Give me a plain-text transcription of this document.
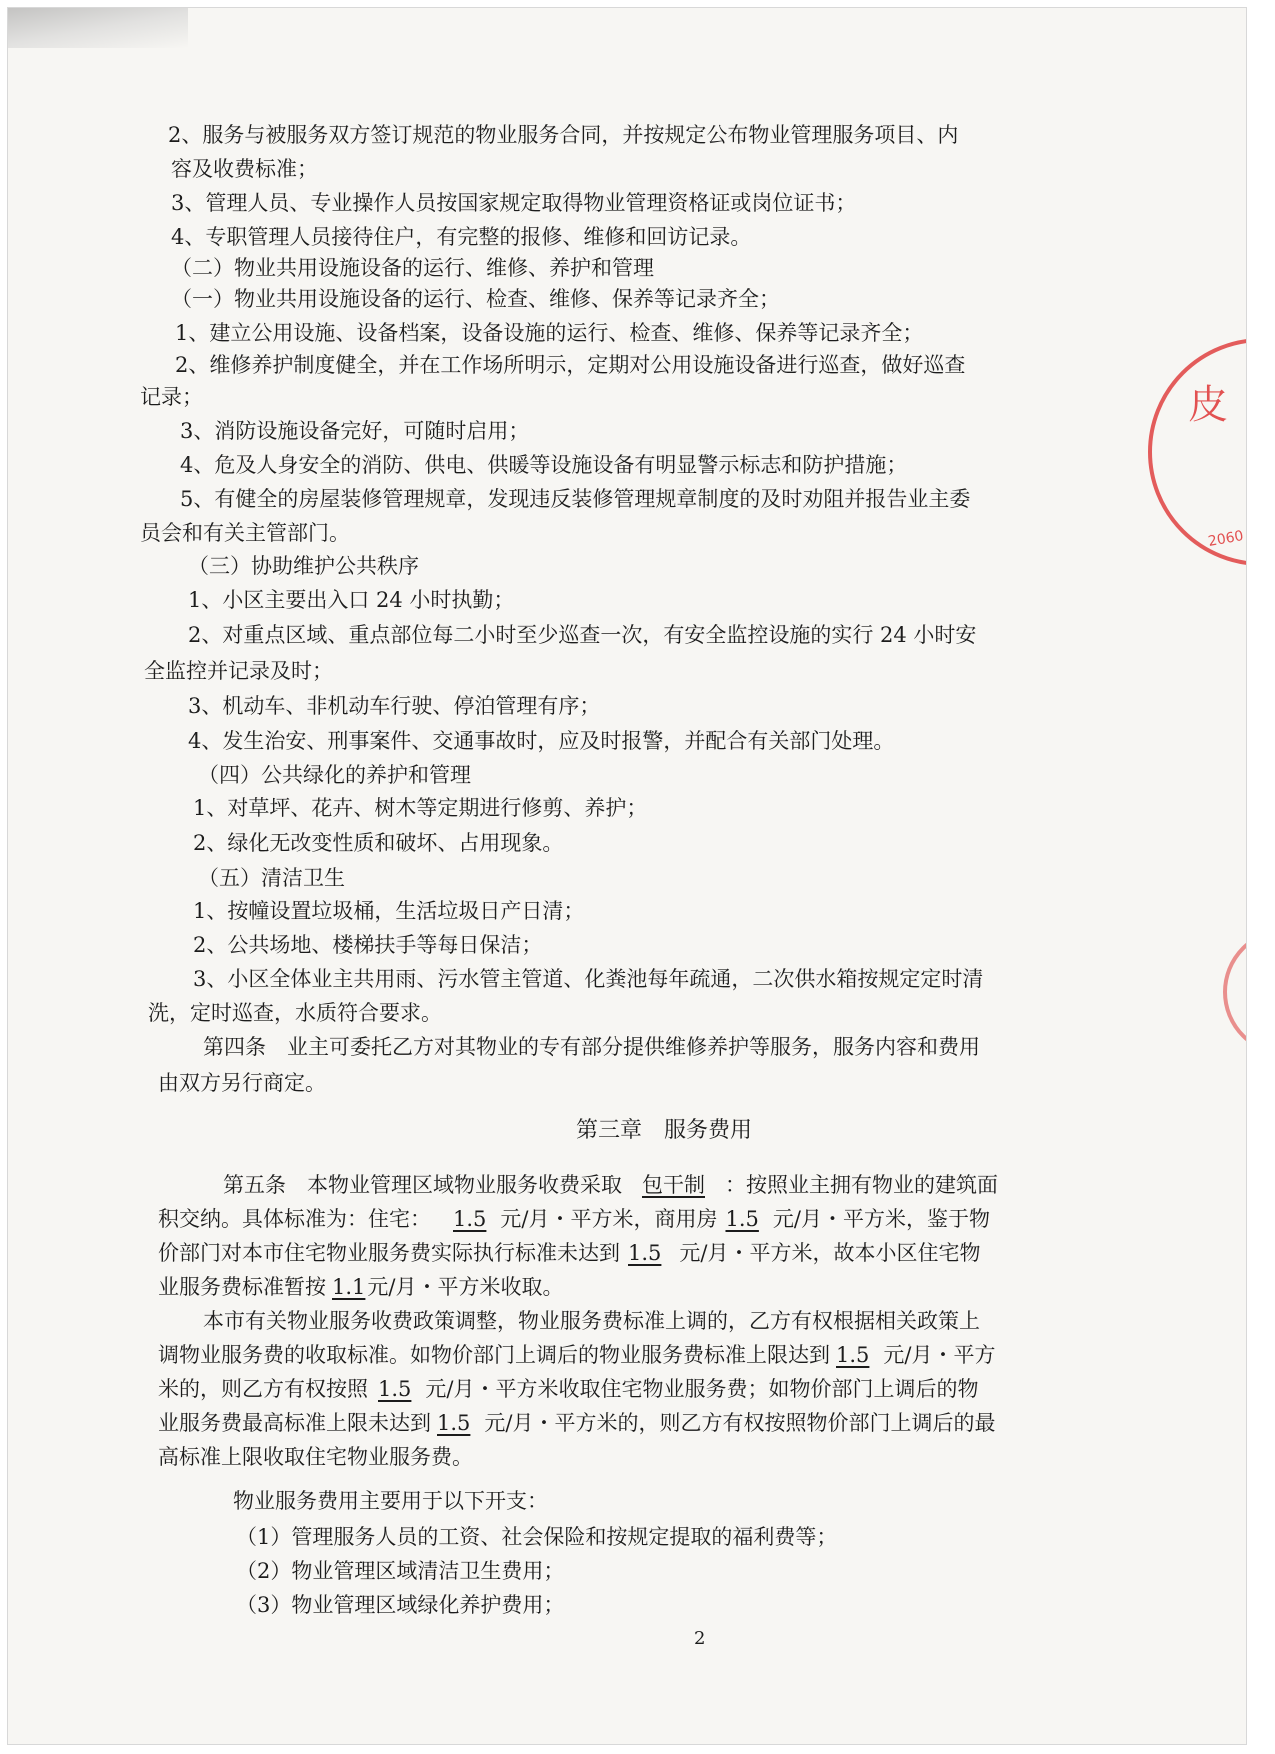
皮
2060
2、服务与被服务双方签订规范的物业服务合同，并按规定公布物业管理服务项目、内
容及收费标准；
3、管理人员、专业操作人员按国家规定取得物业管理资格证或岗位证书；
4、专职管理人员接待住户，有完整的报修、维修和回访记录。
（二）物业共用设施设备的运行、维修、养护和管理
（一）物业共用设施设备的运行、检查、维修、保养等记录齐全；
1、建立公用设施、设备档案，设备设施的运行、检查、维修、保养等记录齐全；
2、维修养护制度健全，并在工作场所明示，定期对公用设施设备进行巡查，做好巡查
记录；
3、消防设施设备完好，可随时启用；
4、危及人身安全的消防、供电、供暖等设施设备有明显警示标志和防护措施；
5、有健全的房屋装修管理规章，发现违反装修管理规章制度的及时劝阻并报告业主委
员会和有关主管部门。
（三）协助维护公共秩序
1、小区主要出入口 24 小时执勤；
2、对重点区域、重点部位每二小时至少巡查一次，有安全监控设施的实行 24 小时安
全监控并记录及时；
3、机动车、非机动车行驶、停泊管理有序；
4、发生治安、刑事案件、交通事故时，应及时报警，并配合有关部门处理。
（四）公共绿化的养护和管理
1、对草坪、花卉、树木等定期进行修剪、养护；
2、绿化无改变性质和破坏、占用现象。
（五）清洁卫生
1、按幢设置垃圾桶，生活垃圾日产日清；
2、公共场地、楼梯扶手等每日保洁；
3、小区全体业主共用雨、污水管主管道、化粪池每年疏通，二次供水箱按规定定时清
洗，定时巡查，水质符合要求。
第四条　业主可委托乙方对其物业的专有部分提供维修养护等服务，服务内容和费用
由双方另行商定。
第三章　服务费用
第五条　本物业管理区域物业服务收费采取 包干制 ：按照业主拥有物业的建筑面
积交纳。具体标准为：住宅： 1.5 元/月・平方米，商用房 1.5 元/月・平方米，鉴于物
价部门对本市住宅物业服务费实际执行标准未达到 1.5 元/月・平方米，故本小区住宅物
业服务费标准暂按 1.1元/月・平方米收取。
本市有关物业服务收费政策调整，物业服务费标准上调的，乙方有权根据相关政策上
调物业服务费的收取标准。如物价部门上调后的物业服务费标准上限达到 1.5 元/月・平方
米的，则乙方有权按照 1.5 元/月・平方米收取住宅物业服务费；如物价部门上调后的物
业服务费最高标准上限未达到 1.5 元/月・平方米的，则乙方有权按照物价部门上调后的最
高标准上限收取住宅物业服务费。
物业服务费用主要用于以下开支：
（1）管理服务人员的工资、社会保险和按规定提取的福利费等；
（2）物业管理区域清洁卫生费用；
（3）物业管理区域绿化养护费用；
2
